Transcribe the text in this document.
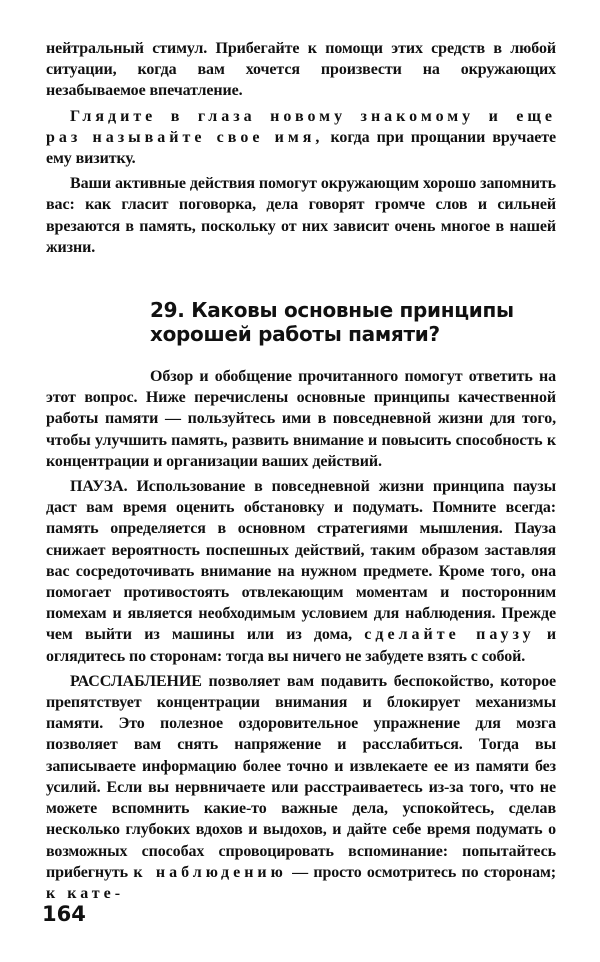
нейтральный стимул. Прибегайте к помощи этих средств в любой ситуации, когда вам хочется произвести на окружающих незабываемое впечатление.

Глядите в глаза новому знакомому и еще раз называйте свое имя, когда при прощании вручаете ему визитку.

Ваши активные действия помогут окружающим хорошо запомнить вас: как гласит поговорка, дела говорят громче слов и сильней врезаются в память, поскольку от них зависит очень многое в нашей жизни.

29. Каковы основные принципы
хорошей работы памяти?

Обзор и обобщение прочитанного помогут ответить на этот вопрос. Ниже перечислены основные принципы качественной работы памяти — пользуйтесь ими в повседневной жизни для того, чтобы улучшить память, развить внимание и повысить способность к концентрации и организации ваших действий.

ПАУЗА. Использование в повседневной жизни принципа паузы даст вам время оценить обстановку и подумать. Помните всегда: память определяется в основном стратегиями мышления. Пауза снижает вероятность поспешных действий, таким образом заставляя вас сосредоточивать внимание на нужном предмете. Кроме того, она помогает противостоять отвлекающим моментам и посторонним помехам и является необходимым условием для наблюдения. Прежде чем выйти из машины или из дома, сделайте паузу и оглядитесь по сторонам: тогда вы ничего не забудете взять с собой.

РАССЛАБЛЕНИЕ позволяет вам подавить беспокойство, которое препятствует концентрации внимания и блокирует механизмы памяти. Это полезное оздоровительное упражнение для мозга позволяет вам снять напряжение и расслабиться. Тогда вы записываете информацию более точно и извлекаете ее из памяти без усилий. Если вы нервничаете или расстраиваетесь из-за того, что не можете вспомнить какие-то важные дела, успокойтесь, сделав несколько глубоких вдохов и выдохов, и дайте себе время подумать о возможных способах спровоцировать вспоминание: попытайтесь прибегнуть к наблюдению — просто осмотритесь по сторонам; к кате-

164
